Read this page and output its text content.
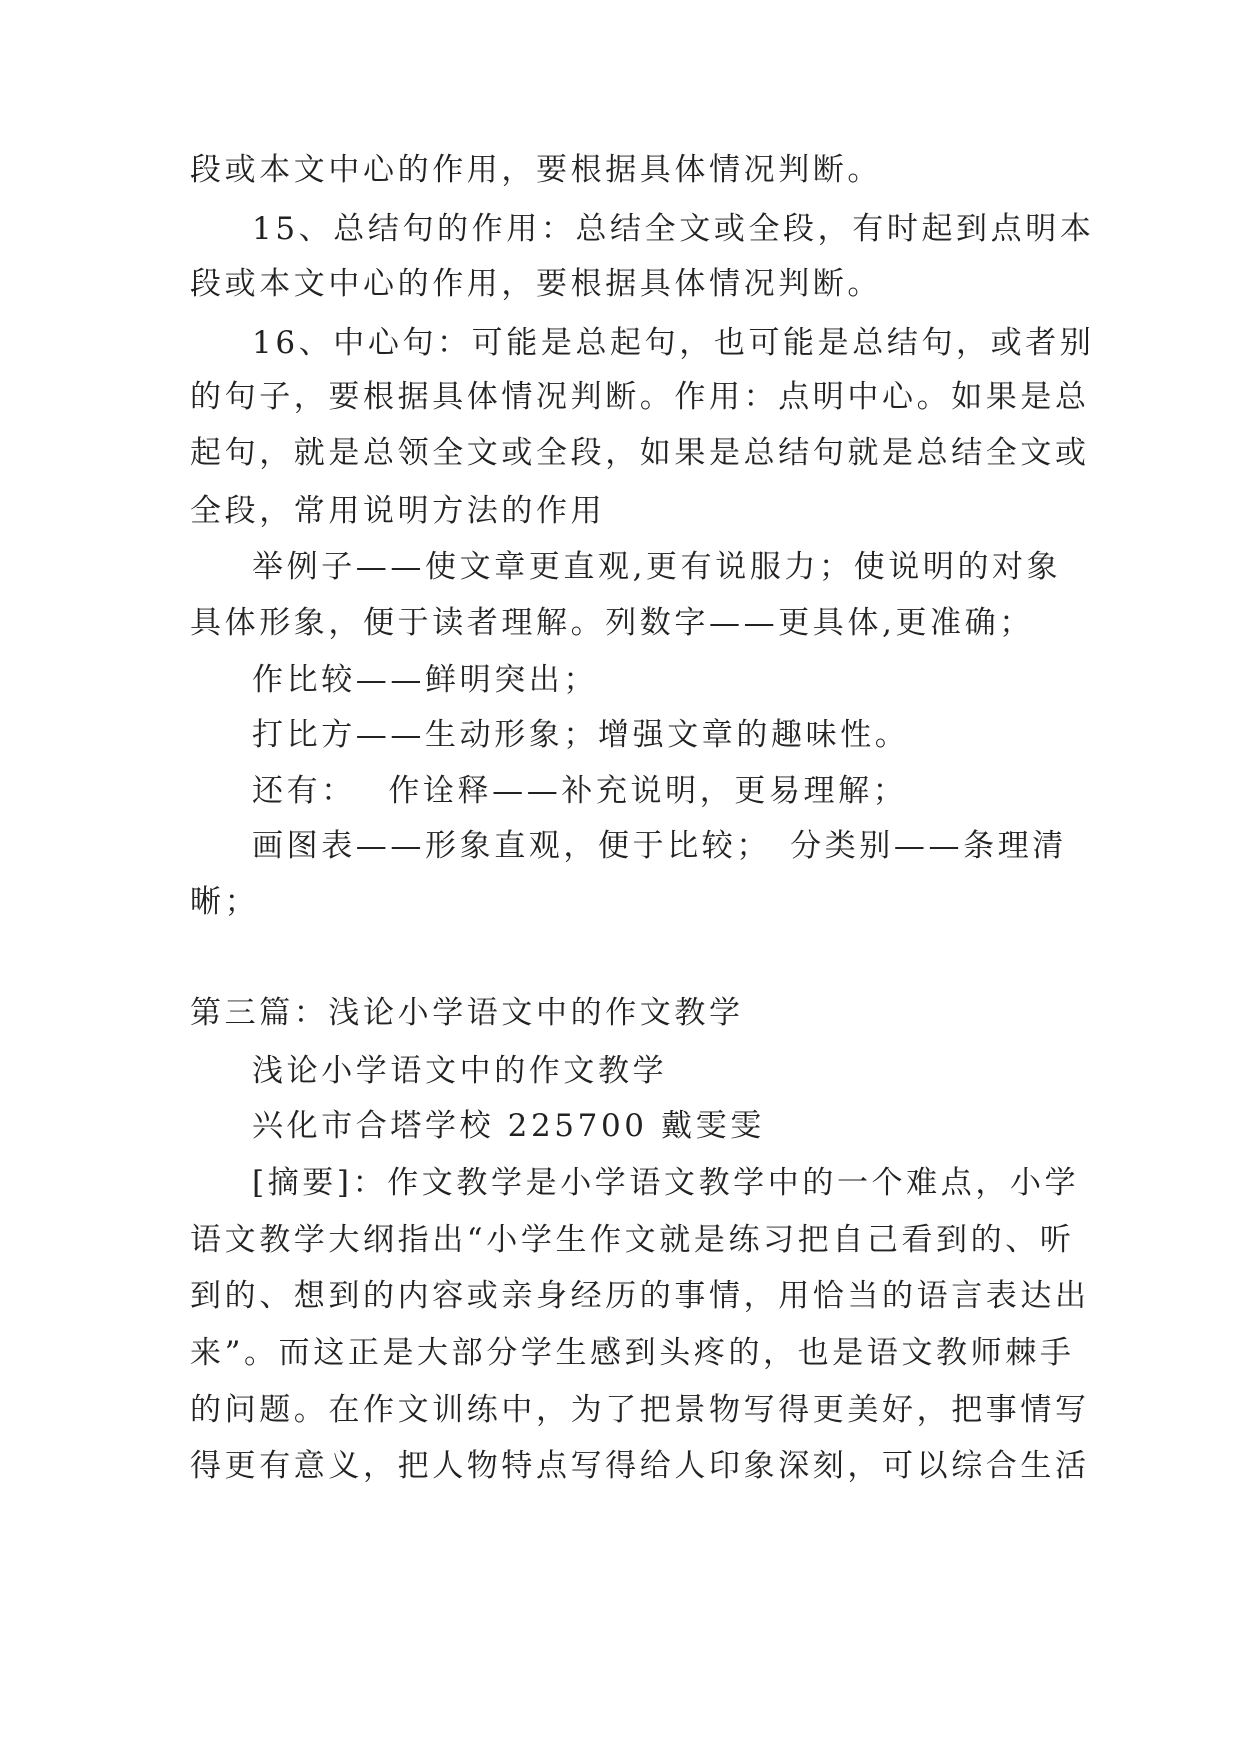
段或本文中心的作用，要根据具体情况判断。
15、总结句的作用：总结全文或全段，有时起到点明本
段或本文中心的作用，要根据具体情况判断。
16、中心句：可能是总起句，也可能是总结句，或者别
的句子，要根据具体情况判断。作用：点明中心。如果是总
起句，就是总领全文或全段，如果是总结句就是总结全文或
全段，常用说明方法的作用
举例子——使文章更直观,更有说服力；使说明的对象
具体形象，便于读者理解。列数字——更具体,更准确；
作比较——鲜明突出；
打比方——生动形象；增强文章的趣味性。
还有：　 作诠释——补充说明，更易理解；
画图表——形象直观，便于比较；　分类别——条理清
晰；
第三篇：浅论小学语文中的作文教学
浅论小学语文中的作文教学
兴化市合塔学校 225700 戴雯雯
[摘要]：作文教学是小学语文教学中的一个难点，小学
语文教学大纲指出“小学生作文就是练习把自己看到的、听
到的、想到的内容或亲身经历的事情，用恰当的语言表达出
来”。而这正是大部分学生感到头疼的，也是语文教师棘手
的问题。在作文训练中，为了把景物写得更美好，把事情写
得更有意义，把人物特点写得给人印象深刻，可以综合生活
